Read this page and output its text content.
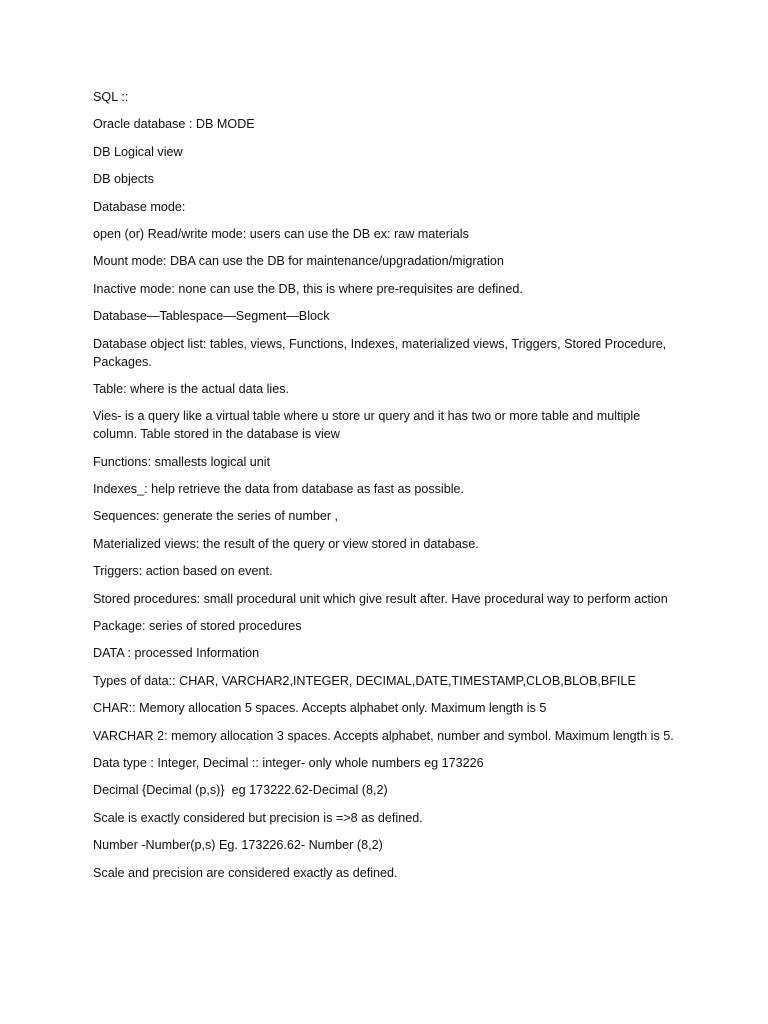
SQL ::

Oracle database : DB MODE

DB Logical view

DB objects

Database mode:

open (or) Read/write mode: users can use the DB ex: raw materials

Mount mode: DBA can use the DB for maintenance/upgradation/migration

Inactive mode: none can use the DB, this is where pre-requisites are defined.

Database—Tablespace—Segment—Block

Database object list: tables, views, Functions, Indexes, materialized views, Triggers, Stored Procedure, Packages.

Table: where is the actual data lies.

Vies- is a query like a virtual table where u store ur query and it has two or more table and multiple column. Table stored in the database is view

Functions: smallests logical unit

Indexes_: help retrieve the data from database as fast as possible.

Sequences: generate the series of number ,

Materialized views: the result of the query or view stored in database.

Triggers: action based on event.

Stored procedures: small procedural unit which give result after. Have procedural way to perform action

Package: series of stored procedures

DATA : processed Information

Types of data:: CHAR, VARCHAR2,INTEGER, DECIMAL,DATE,TIMESTAMP,CLOB,BLOB,BFILE

CHAR:: Memory allocation 5 spaces. Accepts alphabet only. Maximum length is 5

VARCHAR 2: memory allocation 3 spaces. Accepts alphabet, number and symbol. Maximum length is 5.

Data type : Integer, Decimal :: integer- only whole numbers eg 173226

Decimal {Decimal (p,s)}  eg 173222.62-Decimal (8,2)

Scale is exactly considered but precision is =>8 as defined.

Number -Number(p,s) Eg. 173226.62- Number (8,2)

Scale and precision are considered exactly as defined.
